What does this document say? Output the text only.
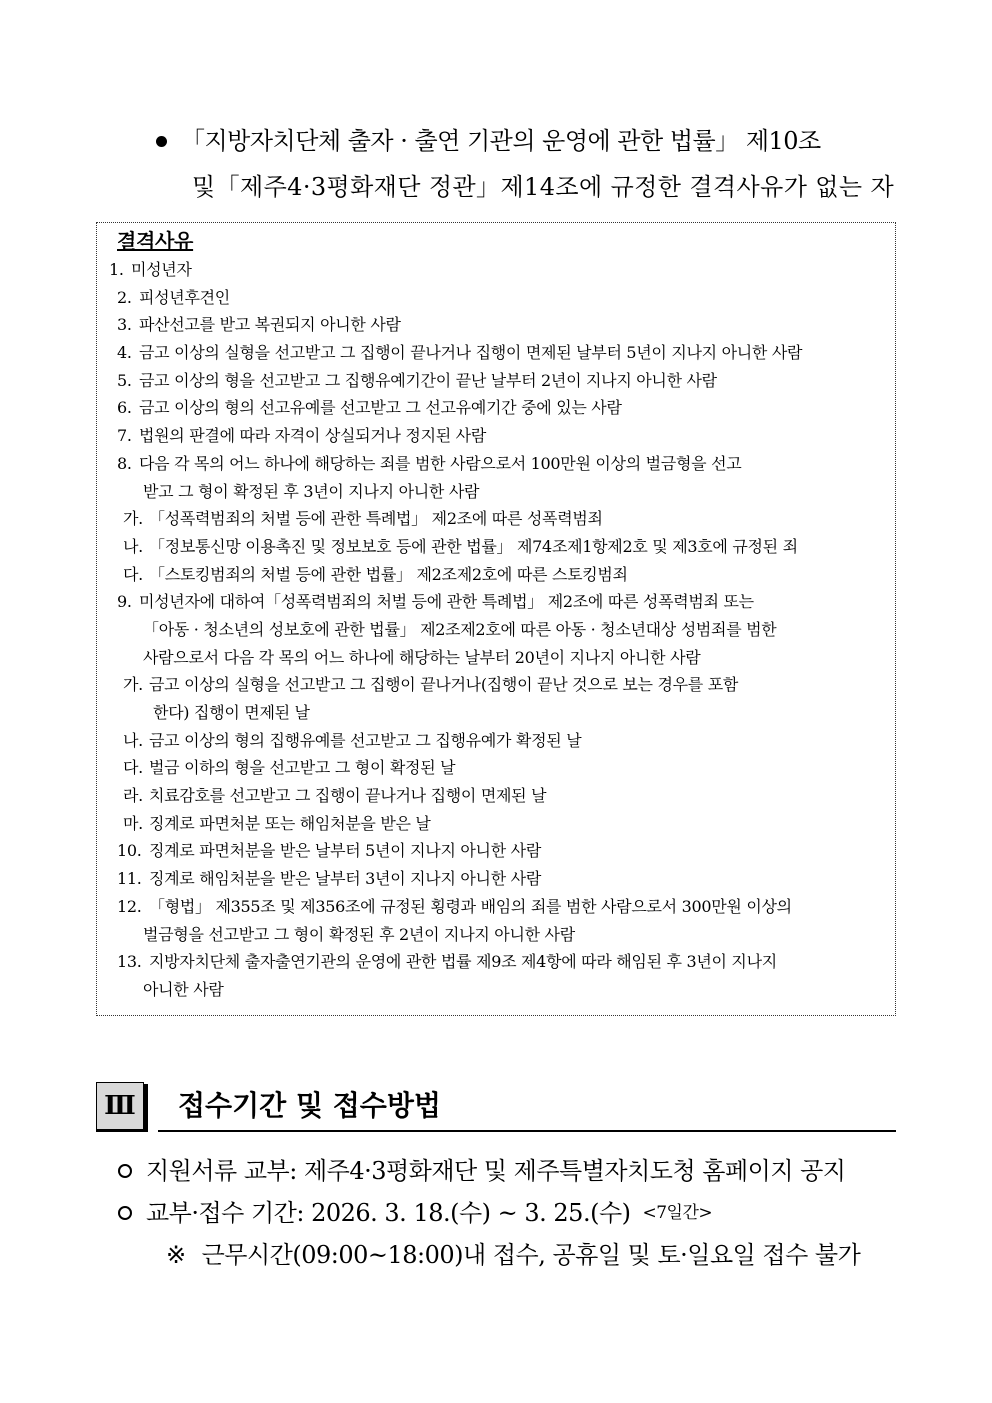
「지방자치단체 출자 · 출연 기관의 운영에 관한 법률」 제10조
및「제주4·3평화재단 정관」제14조에 규정한 결격사유가 없는 자
결격사유
1. 미성년자
2. 피성년후견인
3. 파산선고를 받고 복권되지 아니한 사람
4. 금고 이상의 실형을 선고받고 그 집행이 끝나거나 집행이 면제된 날부터 5년이 지나지 아니한 사람
5. 금고 이상의 형을 선고받고 그 집행유예기간이 끝난 날부터 2년이 지나지 아니한 사람
6. 금고 이상의 형의 선고유예를 선고받고 그 선고유예기간 중에 있는 사람
7. 법원의 판결에 따라 자격이 상실되거나 정지된 사람
8. 다음 각 목의 어느 하나에 해당하는 죄를 범한 사람으로서 100만원 이상의 벌금형을 선고
받고 그 형이 확정된 후 3년이 지나지 아니한 사람
가. 「성폭력범죄의 처벌 등에 관한 특례법」 제2조에 따른 성폭력범죄
나. 「정보통신망 이용촉진 및 정보보호 등에 관한 법률」 제74조제1항제2호 및 제3호에 규정된 죄
다. 「스토킹범죄의 처벌 등에 관한 법률」 제2조제2호에 따른 스토킹범죄
9. 미성년자에 대하여「성폭력범죄의 처벌 등에 관한 특례법」 제2조에 따른 성폭력범죄 또는
「아동 · 청소년의 성보호에 관한 법률」 제2조제2호에 따른 아동 · 청소년대상 성범죄를 범한
사람으로서 다음 각 목의 어느 하나에 해당하는 날부터 20년이 지나지 아니한 사람
가. 금고 이상의 실형을 선고받고 그 집행이 끝나거나(집행이 끝난 것으로 보는 경우를 포함
한다) 집행이 면제된 날
나. 금고 이상의 형의 집행유예를 선고받고 그 집행유예가 확정된 날
다. 벌금 이하의 형을 선고받고 그 형이 확정된 날
라. 치료감호를 선고받고 그 집행이 끝나거나 집행이 면제된 날
마. 징계로 파면처분 또는 해임처분을 받은 날
10. 징계로 파면처분을 받은 날부터 5년이 지나지 아니한 사람
11. 징계로 해임처분을 받은 날부터 3년이 지나지 아니한 사람
12. 「형법」 제355조 및 제356조에 규정된 횡령과 배임의 죄를 범한 사람으로서 300만원 이상의
벌금형을 선고받고 그 형이 확정된 후 2년이 지나지 아니한 사람
13. 지방자치단체 출자출연기관의 운영에 관한 법률 제9조 제4항에 따라 해임된 후 3년이 지나지
아니한 사람
Ⅲ 접수기간 및 접수방법
지원서류 교부: 제주4·3평화재단 및 제주특별자치도청 홈페이지 공지
교부·접수 기간: 2026. 3. 18.(수) ~ 3. 25.(수) <7일간>
※ 근무시간(09:00~18:00)내 접수, 공휴일 및 토·일요일 접수 불가
